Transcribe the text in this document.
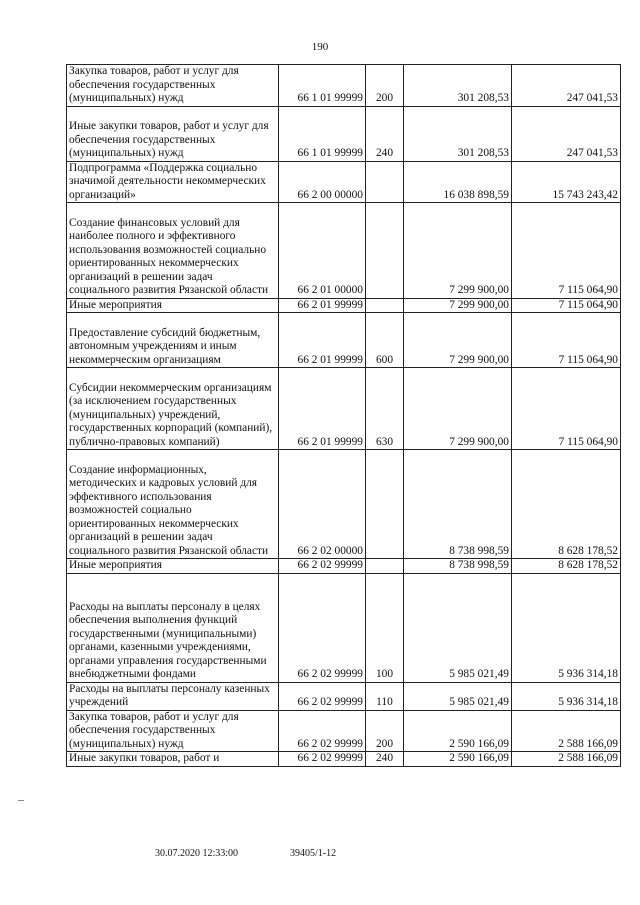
190
Закупка товаров, работ и услуг для обеспечения государственных (муниципальных) нужд	66 1 01 99999	200	301 208,53	247 041,53
Иные закупки товаров, работ и услуг для обеспечения государственных (муниципальных) нужд	66 1 01 99999	240	301 208,53	247 041,53
Подпрограмма «Поддержка социально значимой деятельности некоммерческих организаций»	66 2 00 00000		16 038 898,59	15 743 243,42
Создание финансовых условий для наиболее полного и эффективного использования возможностей социально ориентированных некоммерческих организаций в решении задач социального развития Рязанской области	66 2 01 00000		7 299 900,00	7 115 064,90
Иные мероприятия	66 2 01 99999		7 299 900,00	7 115 064,90
Предоставление субсидий бюджетным, автономным учреждениям и иным некоммерческим организациям	66 2 01 99999	600	7 299 900,00	7 115 064,90
Субсидии некоммерческим организациям (за исключением государственных (муниципальных) учреждений, государственных корпораций (компаний), публично-правовых компаний)	66 2 01 99999	630	7 299 900,00	7 115 064,90
Создание информационных, методических и кадровых условий для эффективного использования возможностей социально ориентированных некоммерческих организаций в решении задач социального развития Рязанской области	66 2 02 00000		8 738 998,59	8 628 178,52
Иные мероприятия	66 2 02 99999		8 738 998,59	8 628 178,52
Расходы на выплаты персоналу в целях обеспечения выполнения функций государственными (муниципальными) органами, казенными учреждениями, органами управления государственными внебюджетными фондами	66 2 02 99999	100	5 985 021,49	5 936 314,18
Расходы на выплаты персоналу казенных учреждений	66 2 02 99999	110	5 985 021,49	5 936 314,18
Закупка товаров, работ и услуг для обеспечения государственных (муниципальных) нужд	66 2 02 99999	200	2 590 166,09	2 588 166,09
Иные закупки товаров, работ и	66 2 02 99999	240	2 590 166,09	2 588 166,09
30.07.2020 12:33:00	39405/1-12
